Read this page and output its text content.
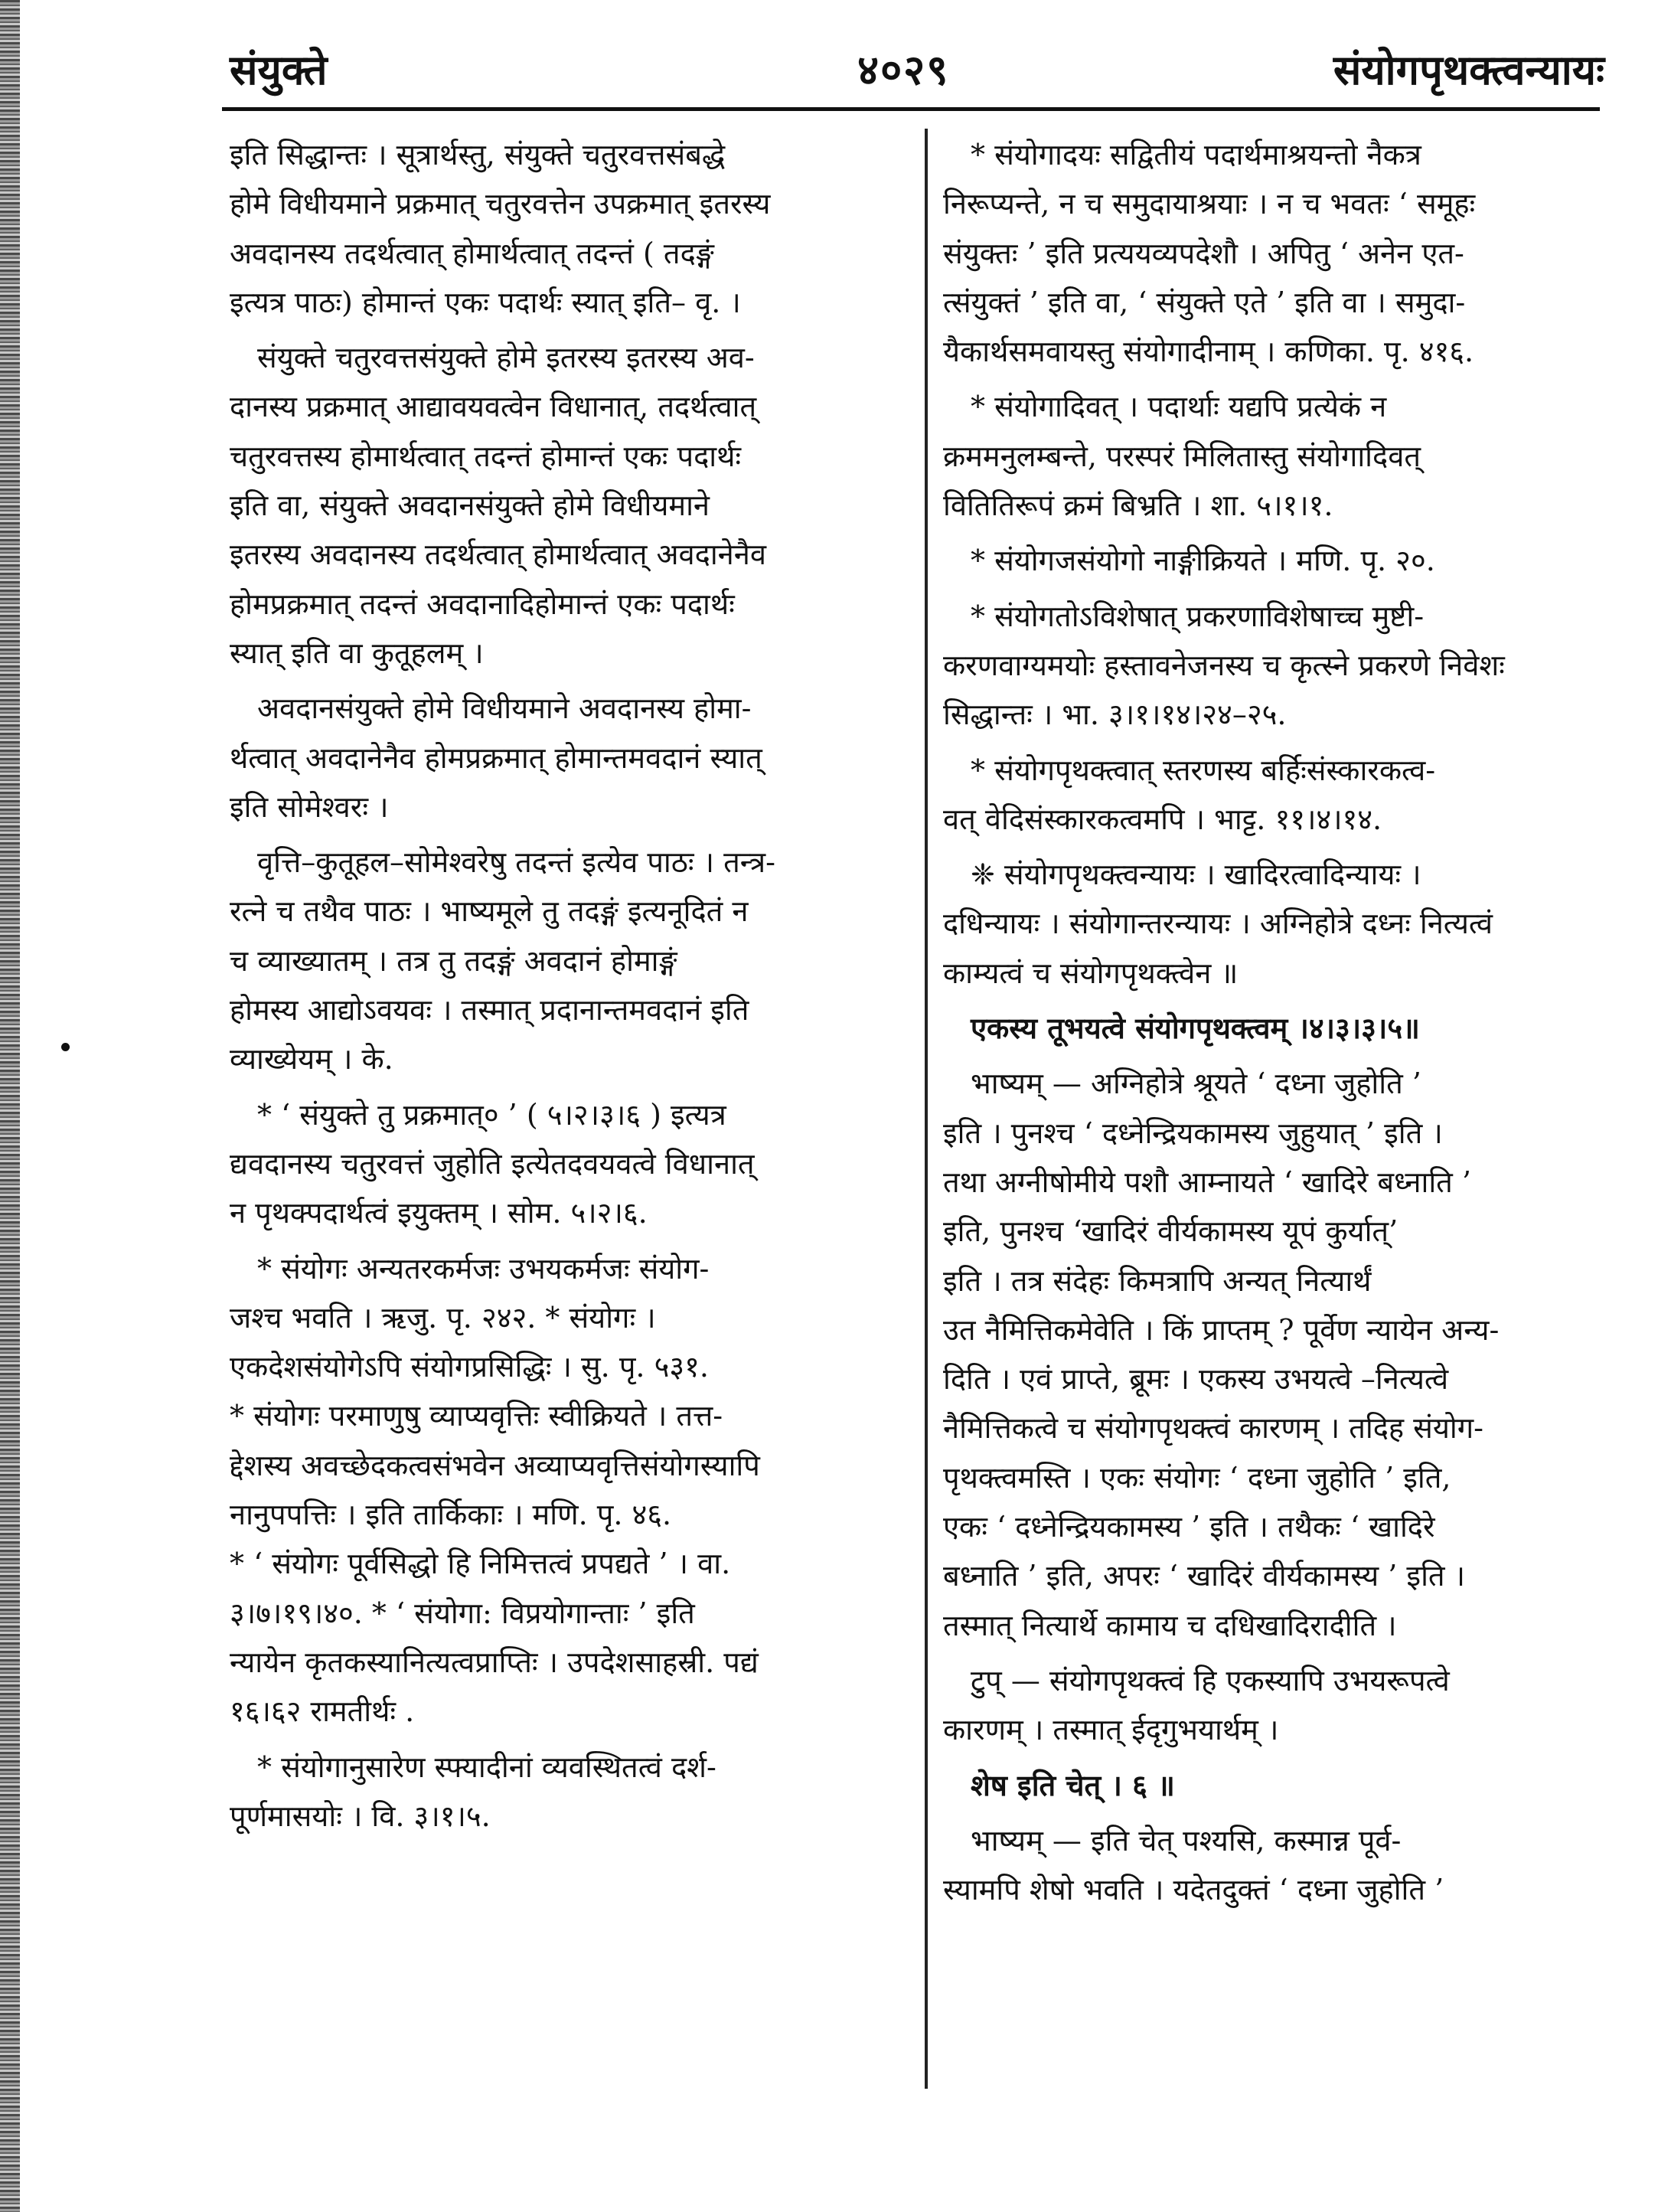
संयुक्ते	४०२९	संयोगपृथक्त्वन्यायः

इति सिद्धान्तः । सूत्रार्थस्तु, संयुक्ते चतुरवत्तसंबद्धे
होमे विधीयमाने प्रक्रमात् चतुरवत्तेन उपक्रमात् इतरस्य
अवदानस्य तदर्थत्वात् होमार्थत्वात् तदन्तं ( तदङ्गं
इत्यत्र पाठः) होमान्तं एकः पदार्थः स्यात् इति– वृ. ।

संयुक्ते चतुरवत्तसंयुक्ते होमे इतरस्य इतरस्य अव-
दानस्य प्रक्रमात् आद्यावयवत्वेन विधानात्, तदर्थत्वात्
चतुरवत्तस्य होमार्थत्वात् तदन्तं होमान्तं एकः पदार्थः
इति वा, संयुक्ते अवदानसंयुक्ते होमे विधीयमाने
इतरस्य अवदानस्य तदर्थत्वात् होमार्थत्वात् अवदानेनैव
होमप्रक्रमात् तदन्तं अवदानादिहोमान्तं एकः पदार्थः
स्यात् इति वा कुतूहलम् ।

अवदानसंयुक्ते होमे विधीयमाने अवदानस्य होमा-
र्थत्वात् अवदानेनैव होमप्रक्रमात् होमान्तमवदानं स्यात्
इति सोमेश्वरः ।

वृत्ति–कुतूहल–सोमेश्वरेषु तदन्तं इत्येव पाठः । तन्त्र-
रत्ने च तथैव पाठः । भाष्यमूले तु तदङ्गं इत्यनूदितं न
च व्याख्यातम् । तत्र तु तदङ्गं अवदानं होमाङ्गं
होमस्य आद्योऽवयवः । तस्मात् प्रदानान्तमवदानं इति
व्याख्येयम् । के.

* ‘ संयुक्ते तु प्रक्रमात्० ’ ( ५।२।३।६ ) इत्यत्र
द्यवदानस्य चतुरवत्तं जुहोति इत्येतदवयवत्वे विधानात्
न पृथक्पदार्थत्वं इयुक्तम् । सोम. ५।२।६.

* संयोगः अन्यतरकर्मजः उभयकर्मजः संयोग-
जश्च भवति । ऋजु. पृ. २४२. * संयोगः ।
एकदेशसंयोगेऽपि संयोगप्रसिद्धिः । सु. पृ. ५३१.
* संयोगः परमाणुषु व्याप्यवृत्तिः स्वीक्रियते । तत्त-
द्देशस्य अवच्छेदकत्वसंभवेन अव्याप्यवृत्तिसंयोगस्यापि
नानुपपत्तिः । इति तार्किकाः । मणि. पृ. ४६.
* ‘ संयोगः पूर्वसिद्धो हि निमित्तत्वं प्रपद्यते ’ । वा.
३।७।१९।४०. * ‘ संयोगा: विप्रयोगान्ताः ’ इति
न्यायेन कृतकस्यानित्यत्वप्राप्तिः । उपदेशसाहस्री. पद्यं
१६।६२ रामतीर्थः .

* संयोगानुसारेण स्फ्यादीनां व्यवस्थितत्वं दर्श-
पूर्णमासयोः । वि. ३।१।५.

* संयोगादयः सद्वितीयं पदार्थमाश्रयन्तो नैकत्र
निरूप्यन्ते, न च समुदायाश्रयाः । न च भवतः ‘ समूहः
संयुक्तः ’ इति प्रत्ययव्यपदेशौ । अपितु ‘ अनेन एत-
त्संयुक्तं ’ इति वा, ‘ संयुक्ते एते ’ इति वा । समुदा-
यैकार्थसमवायस्तु संयोगादीनाम् । कणिका. पृ. ४१६.

* संयोगादिवत् । पदार्थाः यद्यपि प्रत्येकं न
क्रममनुलम्बन्ते, परस्परं मिलितास्तु संयोगादिवत्
वितितिरूपं क्रमं बिभ्रति । शा. ५।१।१.

* संयोगजसंयोगो नाङ्गीक्रियते । मणि. पृ. २०.

* संयोगतोऽविशेषात् प्रकरणाविशेषाच्च मुष्टी-
करणवाग्यमयोः हस्तावनेजनस्य च कृत्स्ने प्रकरणे निवेशः
सिद्धान्तः । भा. ३।१।१४।२४–२५.

* संयोगपृथक्त्वात् स्तरणस्य बर्हिःसंस्कारकत्व-
वत् वेदिसंस्कारकत्वमपि । भाट्ट. ११।४।१४.

❈ संयोगपृथक्त्वन्यायः । खादिरत्वादिन्यायः ।
दधिन्यायः । संयोगान्तरन्यायः । अग्निहोत्रे दध्नः नित्यत्वं
काम्यत्वं च संयोगपृथक्त्वेन ॥

एकस्य तूभयत्वे संयोगपृथक्त्वम् ।४।३।३।५॥

भाष्यम् — अग्निहोत्रे श्रूयते ‘ दध्ना जुहोति ’
इति । पुनश्च ‘ दध्नेन्द्रियकामस्य जुहुयात् ’ इति ।
तथा अग्नीषोमीये पशौ आम्नायते ‘ खादिरे बध्नाति ’
इति, पुनश्च ‘खादिरं वीर्यकामस्य यूपं कुर्यात्’
इति । तत्र संदेहः किमत्रापि अन्यत् नित्यार्थं
उत नैमित्तिकमेवेति । किं प्राप्तम् ? पूर्वेण न्यायेन अन्य-
दिति । एवं प्राप्ते, ब्रूमः । एकस्य उभयत्वे –नित्यत्वे
नैमित्तिकत्वे च संयोगपृथक्त्वं कारणम् । तदिह संयोग-
पृथक्त्वमस्ति । एकः संयोगः ‘ दध्ना जुहोति ’ इति,
एकः ‘ दध्नेन्द्रियकामस्य ’ इति । तथैकः ‘ खादिरे
बध्नाति ’ इति, अपरः ‘ खादिरं वीर्यकामस्य ’ इति ।
तस्मात् नित्यार्थे कामाय च दधिखादिरादीति ।

टुप् — संयोगपृथक्त्वं हि एकस्यापि उभयरूपत्वे
कारणम् । तस्मात् ईदृगुभयार्थम् ।

शेष इति चेत् । ६ ॥

भाष्यम् — इति चेत् पश्यसि, कस्मान्न पूर्व-
स्यामपि शेषो भवति । यदेतदुक्तं ‘ दध्ना जुहोति ’
